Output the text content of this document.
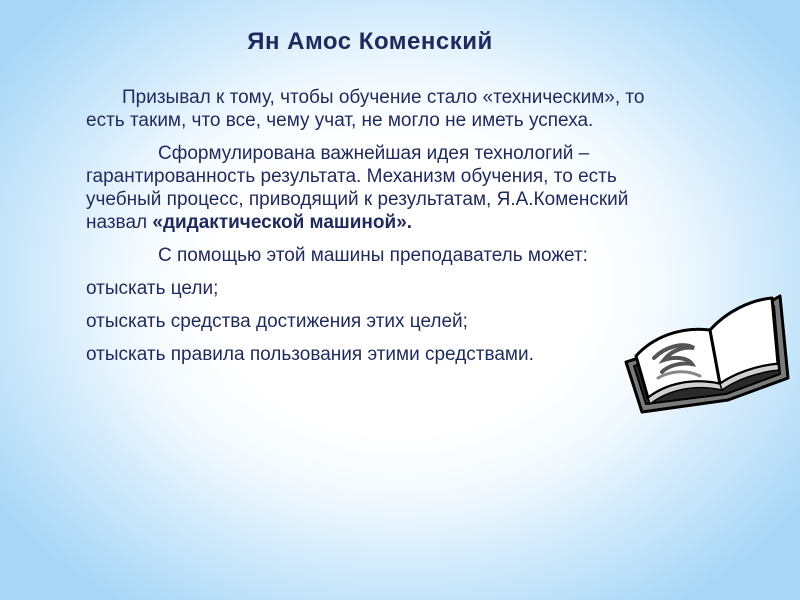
Ян Амос Коменский

Призывал к тому, чтобы обучение стало «техническим», то есть таким, что все, чему учат, не могло не иметь успеха.

Сформулирована важнейшая идея технологий – гарантированность результата. Механизм обучения, то есть учебный процесс, приводящий к результатам, Я.А.Коменский назвал «дидактической машиной».

С помощью этой машины преподаватель может:

отыскать цели;

отыскать средства достижения этих целей;

отыскать правила пользования этими средствами.
